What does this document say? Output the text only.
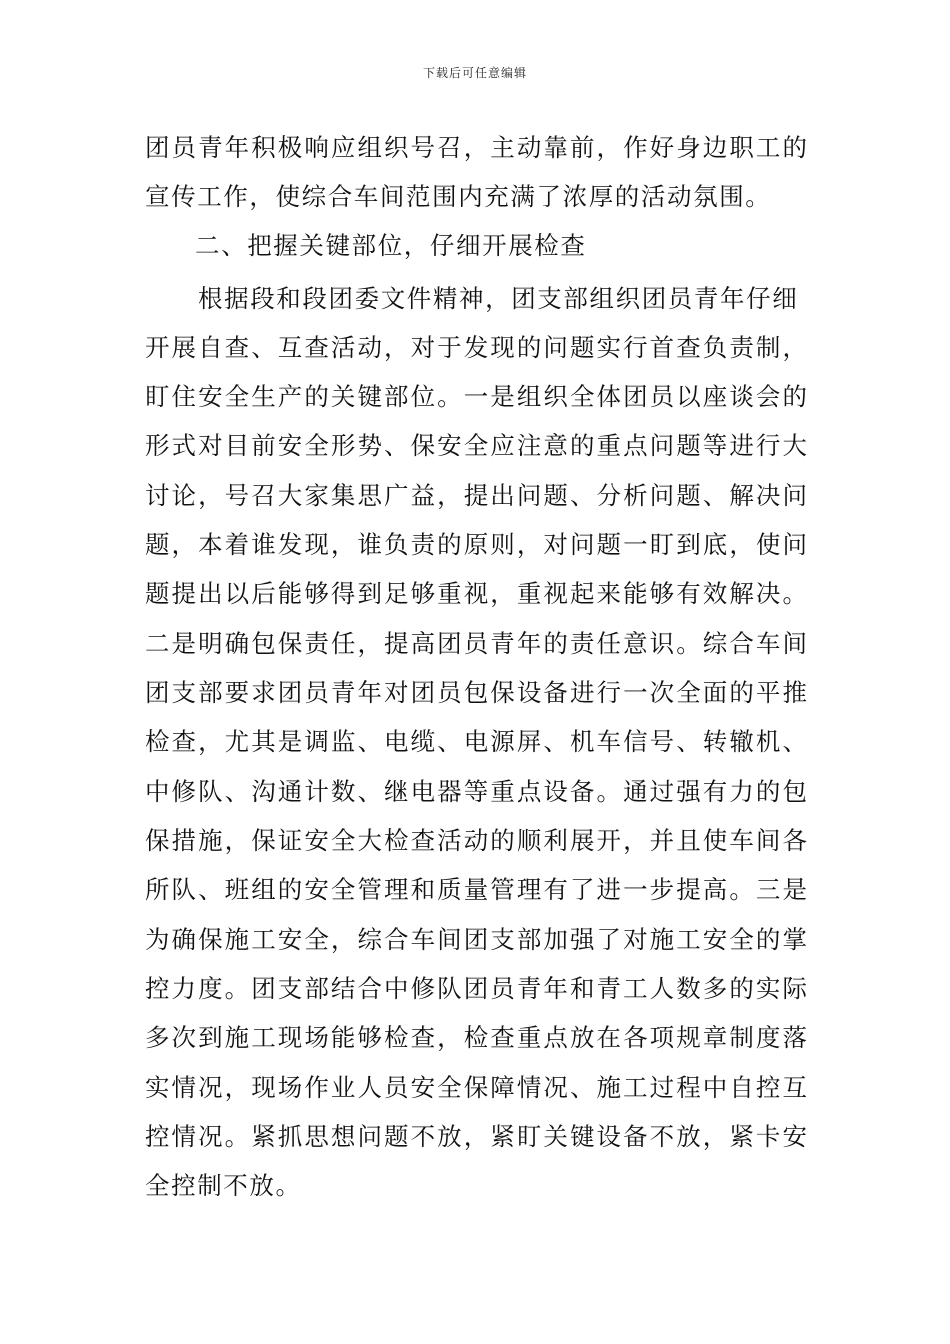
下载后可任意编辑
团员青年积极响应组织号召，主动靠前，作好身边职工的
宣传工作，使综合车间范围内充满了浓厚的活动氛围。
二、把握关键部位，仔细开展检查
根据段和段团委文件精神，团支部组织团员青年仔细
开展自查、互查活动，对于发现的问题实行首查负责制，
盯住安全生产的关键部位。一是组织全体团员以座谈会的
形式对目前安全形势、保安全应注意的重点问题等进行大
讨论，号召大家集思广益，提出问题、分析问题、解决问
题，本着谁发现，谁负责的原则，对问题一盯到底，使问
题提出以后能够得到足够重视，重视起来能够有效解决。
二是明确包保责任，提高团员青年的责任意识。综合车间
团支部要求团员青年对团员包保设备进行一次全面的平推
检查，尤其是调监、电缆、电源屏、机车信号、转辙机、
中修队、沟通计数、继电器等重点设备。通过强有力的包
保措施，保证安全大检查活动的顺利展开，并且使车间各
所队、班组的安全管理和质量管理有了进一步提高。三是
为确保施工安全，综合车间团支部加强了对施工安全的掌
控力度。团支部结合中修队团员青年和青工人数多的实际
多次到施工现场能够检查，检查重点放在各项规章制度落
实情况，现场作业人员安全保障情况、施工过程中自控互
控情况。紧抓思想问题不放，紧盯关键设备不放，紧卡安
全控制不放。
